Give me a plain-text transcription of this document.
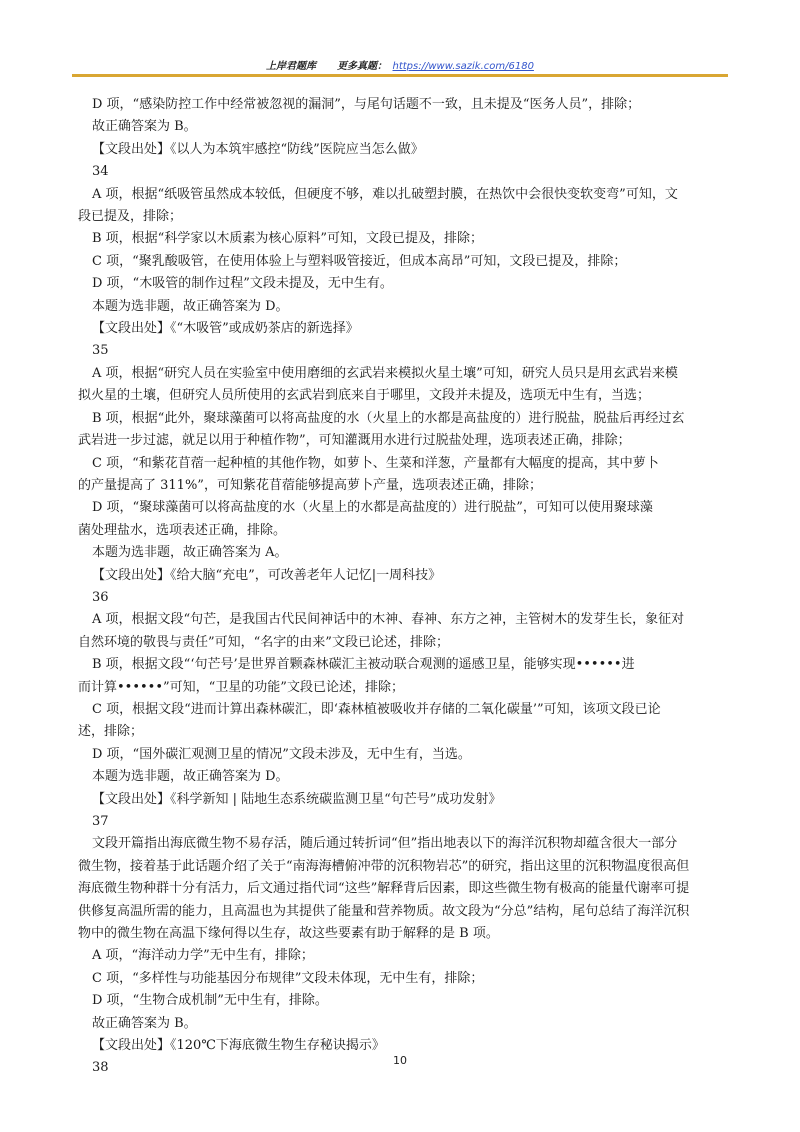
上岸君题库 更多真题： https://www.sazik.com/6180
D 项，“感染防控工作中经常被忽视的漏洞”，与尾句话题不一致，且未提及“医务人员”，排除；
故正确答案为 B。
【文段出处】《以人为本筑牢感控“防线”医院应当怎么做》
34
A 项，根据“纸吸管虽然成本较低，但硬度不够，难以扎破塑封膜，在热饮中会很快变软变弯”可知，文
段已提及，排除；
B 项，根据“科学家以木质素为核心原料”可知，文段已提及，排除；
C 项，“聚乳酸吸管，在使用体验上与塑料吸管接近，但成本高昂”可知，文段已提及，排除；
D 项，“木吸管的制作过程”文段未提及，无中生有。
本题为选非题，故正确答案为 D。
【文段出处】《“木吸管”或成奶茶店的新选择》
35
A 项，根据“研究人员在实验室中使用磨细的玄武岩来模拟火星土壤”可知，研究人员只是用玄武岩来模
拟火星的土壤，但研究人员所使用的玄武岩到底来自于哪里，文段并未提及，选项无中生有，当选；
B 项，根据“此外，聚球藻菌可以将高盐度的水（火星上的水都是高盐度的）进行脱盐，脱盐后再经过玄
武岩进一步过滤，就足以用于种植作物”，可知灌溉用水进行过脱盐处理，选项表述正确，排除；
C 项，“和紫花苜蓿一起种植的其他作物，如萝卜、生菜和洋葱，产量都有大幅度的提高，其中萝卜
的产量提高了 311%”，可知紫花苜蓿能够提高萝卜产量，选项表述正确，排除；
D 项，“聚球藻菌可以将高盐度的水（火星上的水都是高盐度的）进行脱盐”，可知可以使用聚球藻
菌处理盐水，选项表述正确，排除。
本题为选非题，故正确答案为 A。
【文段出处】《给大脑“充电”，可改善老年人记忆|一周科技》
36
A 项，根据文段“句芒，是我国古代民间神话中的木神、春神、东方之神，主管树木的发芽生长，象征对
自然环境的敬畏与责任”可知，“名字的由来”文段已论述，排除；
B 项，根据文段“‘句芒号’是世界首颗森林碳汇主被动联合观测的遥感卫星，能够实现••••••进
而计算••••••”可知，“卫星的功能”文段已论述，排除；
C 项，根据文段“进而计算出森林碳汇，即‘森林植被吸收并存储的二氧化碳量’”可知，该项文段已论
述，排除；
D 项，“国外碳汇观测卫星的情况”文段未涉及，无中生有，当选。
本题为选非题，故正确答案为 D。
【文段出处】《科学新知 | 陆地生态系统碳监测卫星“句芒号”成功发射》
37
文段开篇指出海底微生物不易存活，随后通过转折词“但”指出地表以下的海洋沉积物却蕴含很大一部分
微生物，接着基于此话题介绍了关于“南海海槽俯冲带的沉积物岩芯”的研究，指出这里的沉积物温度很高但
海底微生物种群十分有活力，后文通过指代词“这些”解释背后因素，即这些微生物有极高的能量代谢率可提
供修复高温所需的能力，且高温也为其提供了能量和营养物质。故文段为“分总”结构，尾句总结了海洋沉积
物中的微生物在高温下缘何得以生存，故这些要素有助于解释的是 B 项。
A 项，“海洋动力学”无中生有，排除；
C 项，“多样性与功能基因分布规律”文段未体现，无中生有，排除；
D 项，“生物合成机制”无中生有，排除。
故正确答案为 B。
【文段出处】《120℃下海底微生物生存秘诀揭示》
38	10
